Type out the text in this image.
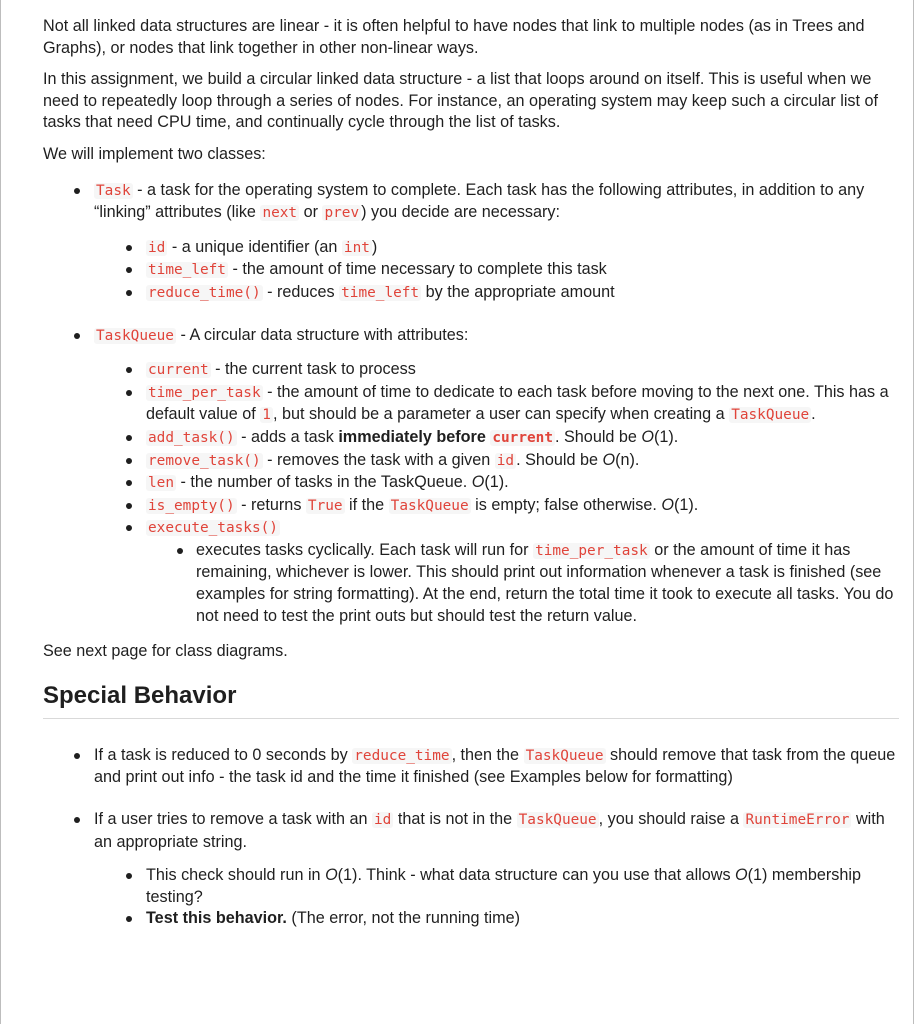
Not all linked data structures are linear - it is often helpful to have nodes that link to multiple nodes (as in Trees and Graphs), or nodes that link together in other non-linear ways.

In this assignment, we build a circular linked data structure - a list that loops around on itself. This is useful when we need to repeatedly loop through a series of nodes. For instance, an operating system may keep such a circular list of tasks that need CPU time, and continually cycle through the list of tasks.

We will implement two classes:

Task - a task for the operating system to complete. Each task has the following attributes, in addition to any “linking” attributes (like next or prev ) you decide are necessary:
id - a unique identifier (an int )
time_left - the amount of time necessary to complete this task
reduce_time() - reduces time_left by the appropriate amount
TaskQueue - A circular data structure with attributes:
current - the current task to process
time_per_task - the amount of time to dedicate to each task before moving to the next one. This has a default value of 1 , but should be a parameter a user can specify when creating a TaskQueue .
add_task() - adds a task immediately before current . Should be O(1).
remove_task() - removes the task with a given id . Should be O(n).
len - the number of tasks in the TaskQueue. O(1).
is_empty() - returns True if the TaskQueue is empty; false otherwise. O(1).
execute_tasks()
executes tasks cyclically. Each task will run for time_per_task or the amount of time it has remaining, whichever is lower. This should print out information whenever a task is finished (see examples for string formatting). At the end, return the total time it took to execute all tasks. You do not need to test the print outs but should test the return value.

See next page for class diagrams.

Special Behavior
If a task is reduced to 0 seconds by reduce_time , then the TaskQueue should remove that task from the queue and print out info - the task id and the time it finished (see Examples below for formatting)
If a user tries to remove a task with an id that is not in the TaskQueue , you should raise a RuntimeError with an appropriate string.
This check should run in O(1). Think - what data structure can you use that allows O(1) membership testing?
Test this behavior. (The error, not the running time)
